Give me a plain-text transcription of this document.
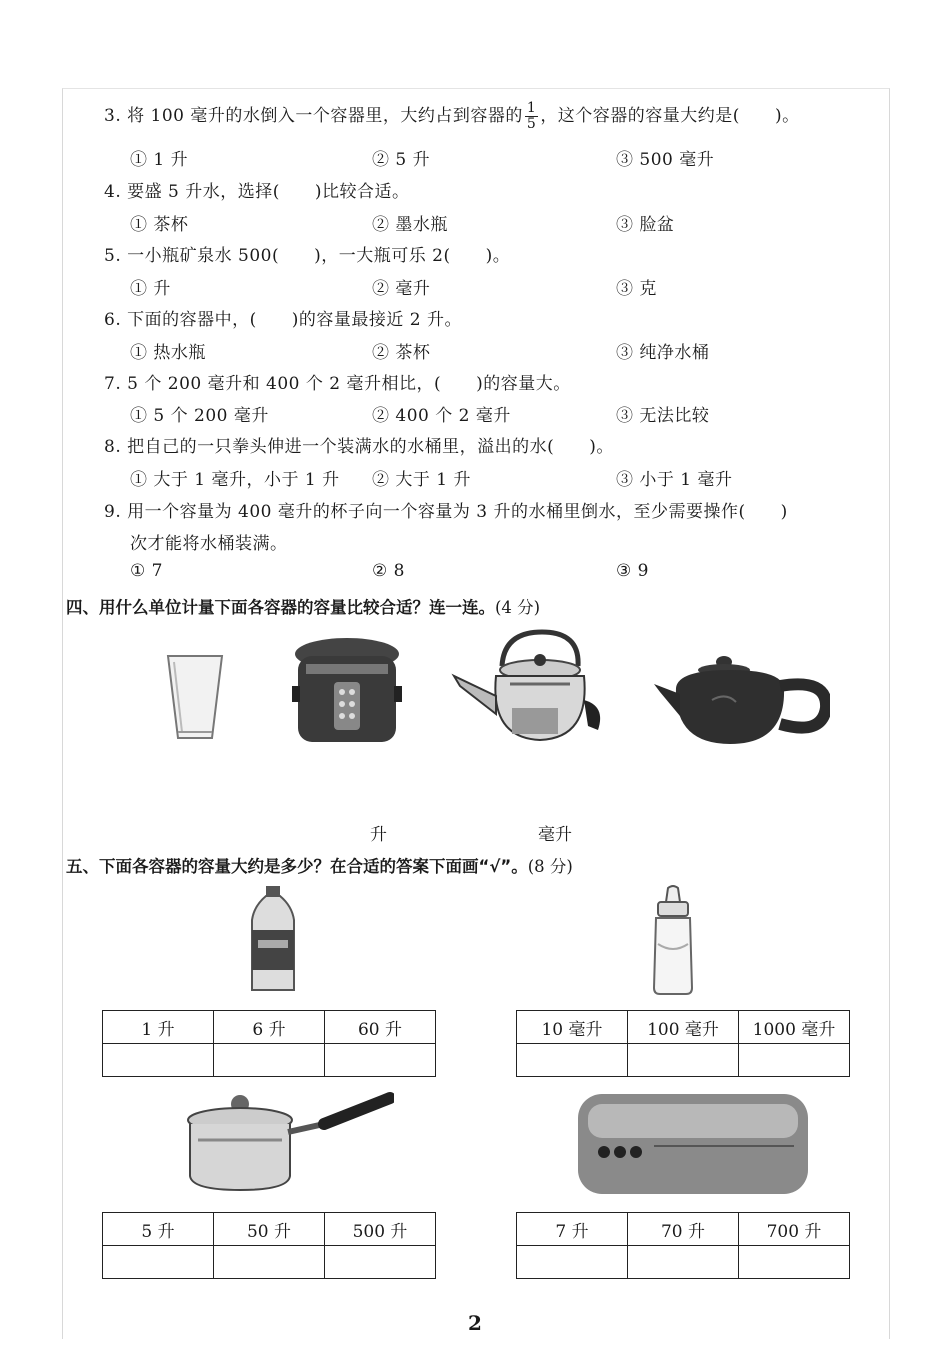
3. 将 100 毫升的水倒入一个容器里，大约占到容器的 $\frac{1}{5}$ ，这个容器的容量大约是(　　)。
① 1 升	② 5 升	③ 500 毫升
4. 要盛 5 升水，选择(　　)比较合适。
① 茶杯	② 墨水瓶	③ 脸盆
5. 一小瓶矿泉水 500(　　)，一大瓶可乐 2(　　)。
① 升	② 毫升	③ 克
6. 下面的容器中，(　　)的容量最接近 2 升。
① 热水瓶	② 茶杯	③ 纯净水桶
7. 5 个 200 毫升和 400 个 2 毫升相比，(　　)的容量大。
① 5 个 200 毫升	② 400 个 2 毫升	③ 无法比较
8. 把自己的一只拳头伸进一个装满水的水桶里，溢出的水(　　)。
① 大于 1 毫升，小于 1 升 ② 大于 1 升	③ 小于 1 毫升
9. 用一个容量为 400 毫升的杯子向一个容量为 3 升的水桶里倒水，至少需要操作(　　)
次才能将水桶装满。
① 7	② 8	③ 9
四、用什么单位计量下面各容器的容量比较合适？连一连。(4 分)
升	毫升
五、下面各容器的容量大约是多少？在合适的答案下面画“√”。(8 分)
1 升	6 升	60 升
			10 毫升	100 毫升	1000 毫升

5 升	50 升	500 升
			7 升	70 升	700 升

2
